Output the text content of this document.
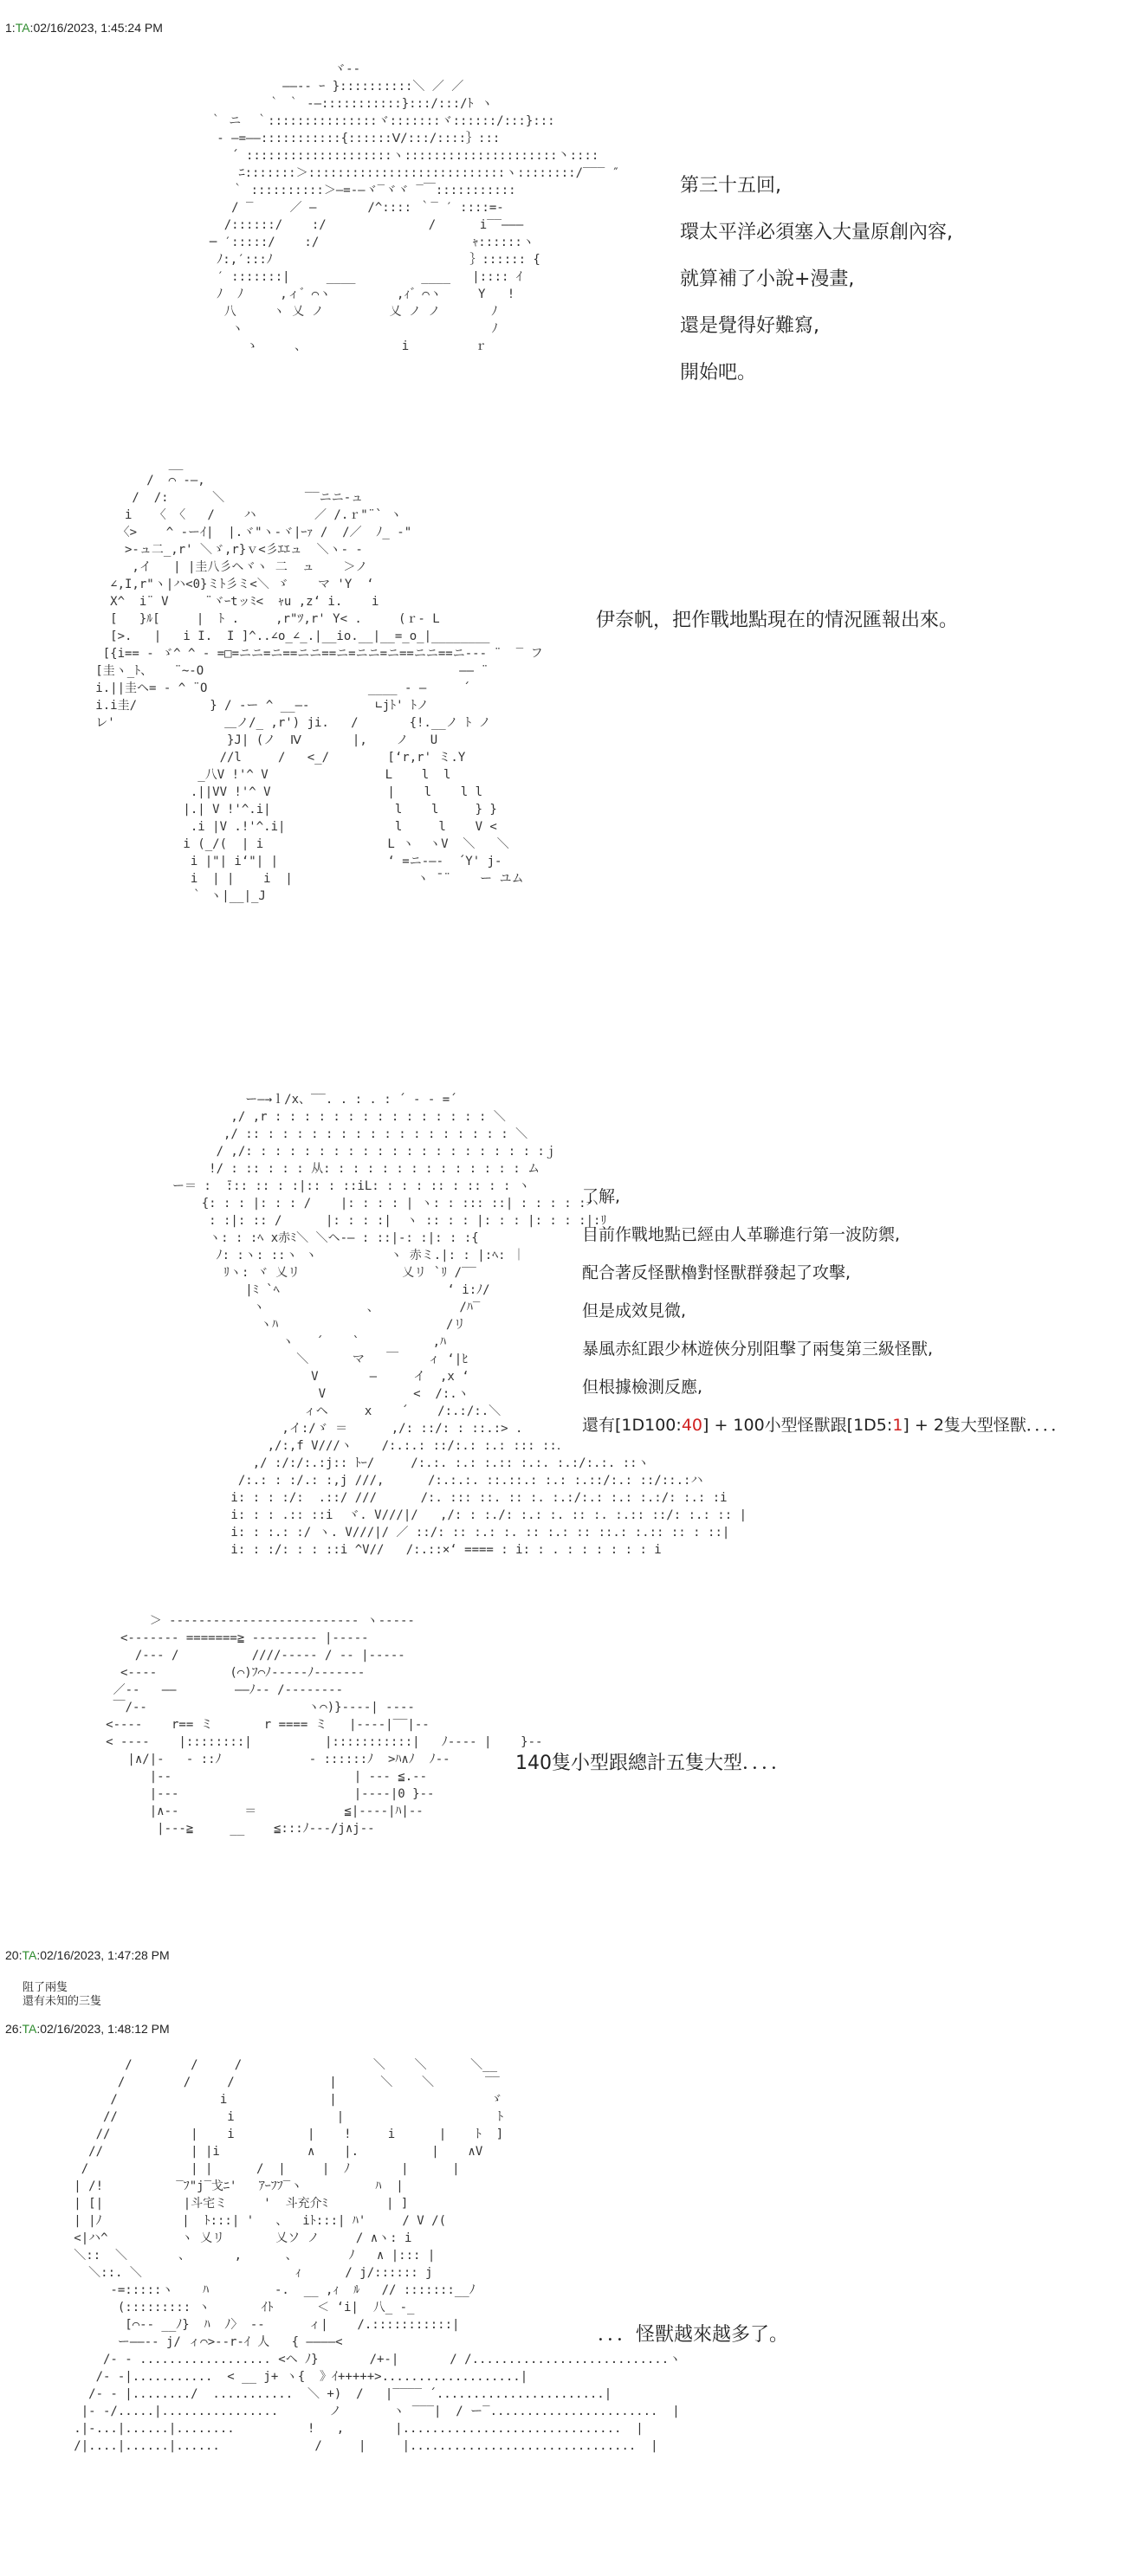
1:TA:02/16/2023, 1:45:24 PM
ヾ--
――-- ｰ }::::::::::＼ ／ ／
｀ ｀ -―:::::::::::}:::/:::/ﾄ ヽ
｀ ニ  ｀:::::::::::::::ヾ:::::::ヾ::::::/:::}:::
‐ ―=――:::::::::::{::::::Ⅴ/:::/::::｝:::
´ ::::::::::::::::::::ヽ:::::::::::::::::::::丶::::
ﾆ:::::::＞:::::::::::::::::::::::::::ヽ::::::::/‾‾‾ ″
｀ ::::::::::＞―=‐―ヾ‾ヾヾ ‾￣:::::::::::
/ ‾     ／ ―       /^:::: ｀‾ ′ ::::=-
/::::::/    :/              /      i‾‾―――
─ ′:::::/    :/                     ｬ::::::ヽ
ﾉ:,′:::ﾉ                           ｝:::::: {
′ :::::::|     ____         ____   |:::: ｲ
ﾉ  ﾉ     ,ィ゛⌒ヽ         ,ｨ゛⌒ヽ     Y   !
八     ヽ 乂 ノ         乂 ノ ノ       ﾉ
ヽ                                  ﾉ
ゝ     、             i         ｒ

第三十五回,
環太平洋必須塞入大量原創內容,
就算補了小說+漫畫,
還是覺得好難寫,
開始吧。
__
/  ⌒ ‐―,
/  /:      ＼           ‾‾ニニ-ュ
i   〈 〈   /    ハ        ／ /.ｒ"¨` ヽ
〈>    ^ ‐ーｲ|  |.ヾ"ヽ‐ヾ|ｰｧ /  /／  ﾉ_ ‐"
>-ュ二_,r' ＼ゞ,r}ｖ<彡ｴｴュ  ＼ヽ- ‐
,イ   | |圭八彡ヘヾヽ 二  ュ    ＞ノ
∠,I,r"ヽ|ハ<0}ミﾄ彡ミ<＼ ゞ    マ 'Y  ‘
X^  i¨ V     ¨ヾｰtッﾐ<  ｬu ,z‘ i.    i
[   }ﾙ[     |  ﾄ .     ,r"ﾂ,r' Y< .     (ｒ- L
[>.   |   i I.  I ]^..∠o_∠_.|__io.__|__=_o_|________
[{i== ‐ ゞ^ ^ ‐ =□=ニニ=ニ==ニニ==ニ=ニニ=ニ==ニニ==ニ--- ¨  ‾ フ
[圭ヽ_ﾄ、   ¨~-O                                   ―― ¨
i.||圭ヘ= ‐ ^ ¨O                      ____ ‐ ―     ´
i.i圭/          } / ‐ー ^ __―‐         ∟jﾄ' ﾄノ
レ'               ＿ノ/_ ,r') ji.   /       {!.__ノ ﾄ ノ
}J| (ノ  Ⅳ       |,    ノ   U
//l     /   <_/        [‘r,r' ミ.Y
_八V !'^ V                L    l  l
.||VV !'^ V                |    l    l l
|.| V !'^.i|                 l    l     } }
.i |V .!'^.i|               l     l    V <
i (_/(  | i                 L ヽ  ヽV  ＼   ＼
i |"| i‘"| |               ‘ =ニ‐―‐  ´Y' j‐
i  | |    i  |                 ヽ ̄ ¨    ー ユム
｀ ヽ|__|_J

伊奈帆，把作戰地點現在的情況匯報出來。
ー―→ｌ/x、‾‾. . : . : ´ - - =´
,/ ,r : : : : : : : : : : : : : : : ＼
,/ :: : : : : : : : : : : : : : : : : : ＼
/ ,/: : : : : : : : : : : : : : : : : : : : :ｊ
!/ : :: : : : 从: : : : : : : : : : : : : : ム
ー＝ :  ̄::: :: : :|:: : ::iL: : : : :: : :: : : ヽ
{: : : |: : : /    |: : : : | ヽ: : ::: ::| : : : : :ハ
: :|: :: /      |: : : :|  ヽ :: : : |: : : |: : : :|:ﾘ
ヽ: : :ﾍ x赤ﾐ＼ ＼ヘ‐― : ::|‐: :|: : :{
ﾉ: :ヽ: ::ヽ ヽ          ヽ 赤ミ.|: : |:ﾍ: ｜
ﾘヽ: ヾ 乂リ              乂リ `ﾘ /‾‾
|ﾐ `ﾍ                       ‘ i:ﾉ/
ヽ              、           /ﾊ‾
ヽﾊ                       /リ
ヽ   ´    `          ,ﾊ
＼      マ   ￣    ィ ‘|ﾋ
V       ―     イ  ,x ‘
V            <  /:.ヽ
ィヘ     x    ´    /:.:/:.＼
,イ:/ゞ ＝      ,/: ::/: : ::.:> .
,/:,f V///ヽ    /:.:.: ::/:.: :.: ::: ::．
,/ :/:/:.:j:: ﾄｰ/     /:.:. :.: :.:: :.:. :.:/:.:. ::ヽ
/:.: : :/.: :,j ///,      /:.:.:. ::.::.: :.: :.::/:.: ::/::.:ハ
i: : : :/:  .::/ ///      /:. ::: ::. :: :. :.:/:.: :.: :.:/: :.: :i
i: : : .:: ::i  ヾ. V///|/   ,/: : :./: :.: :. :: :. :.:: ::/: :.: :: |
i: : :.: :/ ヽ. V///|/ ／ ::/: :: :.: :. :: :.: :: ::.: :.:: :: : ::|
i: : :/: : : ::i ^V//   /:.::×‘ ==== : i: : . : : : : : : i

了解,
目前作戰地點已經由人革聯進行第一波防禦,
配合著反怪獸櫓對怪獸群發起了攻擊,
但是成效見微,
暴風赤紅跟少林遊俠分別阻擊了兩隻第三級怪獸,
但根據檢測反應,
還有[1D100:40] + 100小型怪獸跟[1D5:1] + 2隻大型怪獸．．．．
＞ -------------------------- ヽ-----
<------- =======≧ --------- |-----
/--- /          ////----- / -- |-----
<----          (⌒)ﾌ⌒ﾉ-----ﾉ-------
／--   ――        ――ﾉ-- /--------
￣/--                      ヽ⌒)}----| ----
<----    r== ミ       r ==== ミ   |----|‾‾|--
< ----    |::::::::|          |:::::::::::|   ﾉ---- |    }--
|∧/|-   ‐ ::ﾉ            ‐ ::::::ﾉ  >ﾊ∧ﾉ  ﾉ--
|--                         | --- ≦.--
|---                        |----|0 }--
|∧--         ＝            ≦|----|ﾊ|--
|---≧     __    ≦:::ﾉ---/j∧j--

140隻小型跟總計五隻大型．．．．
20:TA:02/16/2023, 1:47:28 PM
阻了兩隻
還有未知的三隻
26:TA:02/16/2023, 1:48:12 PM
/        /     /                  ＼    ＼      ＼__
/        /     /             |      ＼    ＼       ‾‾
/              i              |                     ゞ
//               i              |                     ﾄ
//           |    i          |    !     i      |    ﾄ  ]
//            | |i            ∧    |.          |    ∧V
/              | |      /  |     |  ﾉ       |      |
| /!          ‾ﾌ"j‾戈ﾆ'   ｱｰﾌﾌ‾ヽ          ﾊ  |
| [|           |斗宅ミ     '  斗充介ﾐ        | ]
| |ﾉ           |  ﾄ:::| '   、  iﾄ:::| ﾊ'     / V /(
<|ハ^          ヽ 乂リ       乂ソ ノ     / ∧ヽ: i
＼::  ＼       、      ,      、       ﾉ   ∧ |::: |
＼::. ＼                     ｨ      / j/:::::: j
‐=:::::ヽ    ﾊ         ‐.  __ ,ｨ  ﾙ   // :::::::__ﾉ
(::::::::: ヽ       ｲﾄ      ＜ ‘i|  八_ ‐_
[⌒-- __ﾉ}  ﾊ  ﾉ〉 --      ィ|    /.:::::::::::|
ー――-- j/ ィ⌒>--r-ｲ 人   { ――――<
/‐ ‐ .................. <ヘ ﾉ}       /+‐|       / /...........................ヽ
/‐ ‐|...........  < __ j+ ヽ{  》ｲ+++++>...................|
/‐ ‐ |......../  ...........  ＼ +)  /   |‾‾‾‾ ´.......................|
|‐ ‐/.....|................       ノ       ヽ ‾‾‾|  / ー‾.......................  |
.|‐...|......|........          !   ,       |..............................  |
/|....|......|......             /     |     |...............................  |

．．．怪獸越來越多了。
